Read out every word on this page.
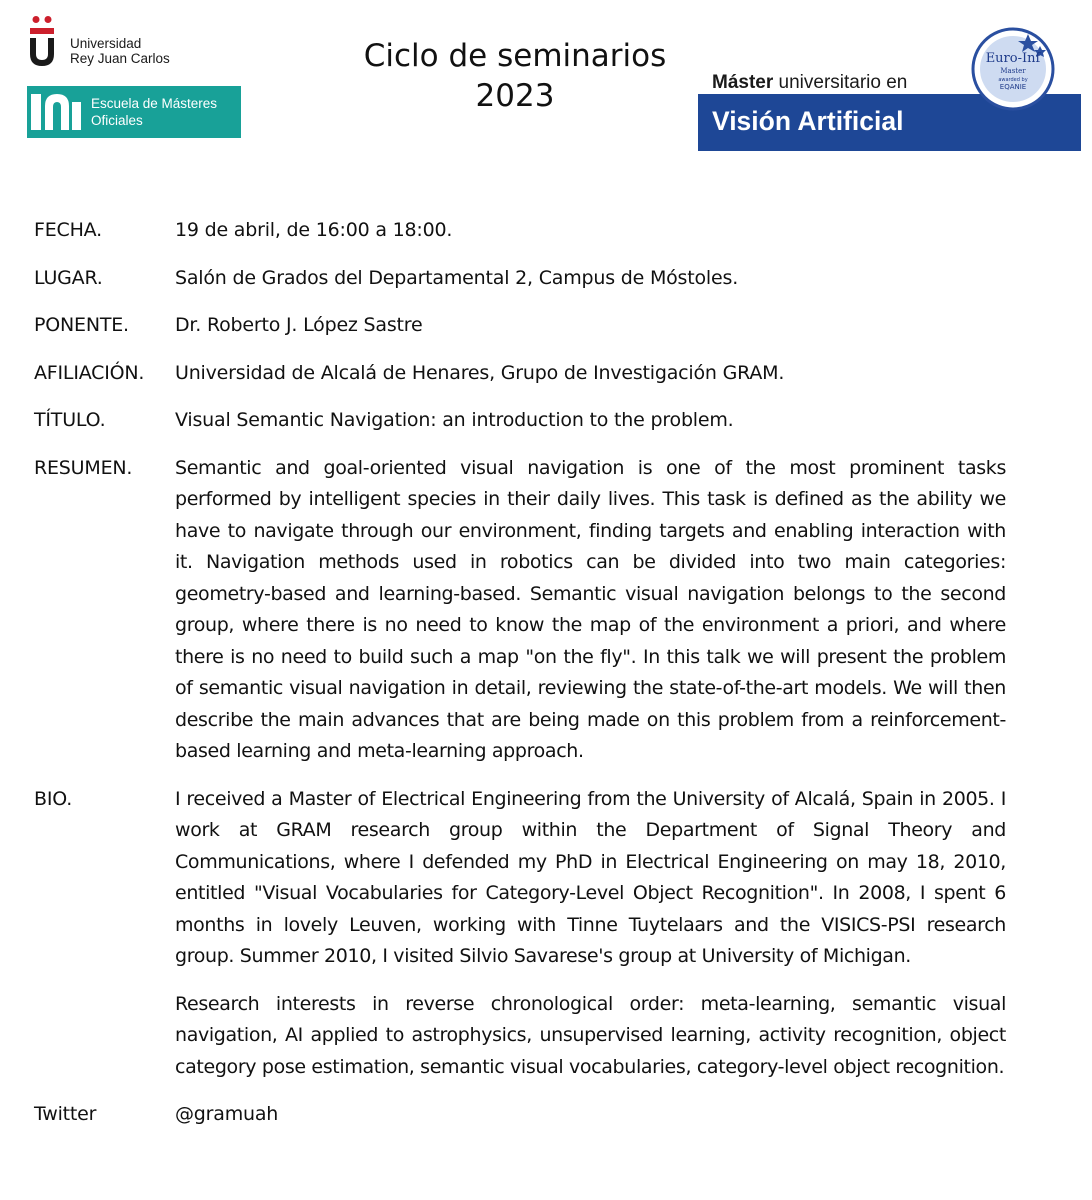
Universidad
Rey Juan Carlos
Escuela de Másteres
Oficiales
Ciclo de seminarios
2023	Máster universitario en
Visión Artificial
Euro-Inf
Master
awarded by
EQANIE
FECHA.	19 de abril, de 16:00 a 18:00.
LUGAR.	Salón de Grados del Departamental 2, Campus de Móstoles.
PONENTE.	Dr. Roberto J. López Sastre
AFILIACIÓN.	Universidad de Alcalá de Henares, Grupo de Investigación GRAM.
TÍTULO.	Visual Semantic Navigation: an introduction to the problem.
RESUMEN.	Semantic and goal-oriented visual navigation is one of the most prominent tasks performed by intelligent species in their daily lives. This task is defined as the ability we have to navigate through our environment, finding targets and enabling interaction with it. Navigation methods used in robotics can be divided into two main categories: geometry-based and learning-based. Semantic visual navigation belongs to the second group, where there is no need to know the map of the environment a priori, and where there is no need to build such a map "on the fly". In this talk we will present the problem of semantic visual navigation in detail, reviewing the state-of-the-art models. We will then describe the main advances that are being made on this problem from a reinforcement-based learning and meta-learning approach.

BIO.	I received a Master of Electrical Engineering from the University of Alcalá, Spain in 2005. I work at GRAM research group within the Department of Signal Theory and Communications, where I defended my PhD in Electrical Engineering on may 18, 2010, entitled "Visual Vocabularies for Category-Level Object Recognition". In 2008, I spent 6 months in lovely Leuven, working with Tinne Tuytelaars and the VISICS-PSI research group. Summer 2010, I visited Silvio Savarese's group at University of Michigan.

Research interests in reverse chronological order: meta-learning, semantic visual navigation, AI applied to astrophysics, unsupervised learning, activity recognition, object category pose estimation, semantic visual vocabularies, category-level object recognition.

Twitter	@gramuah
